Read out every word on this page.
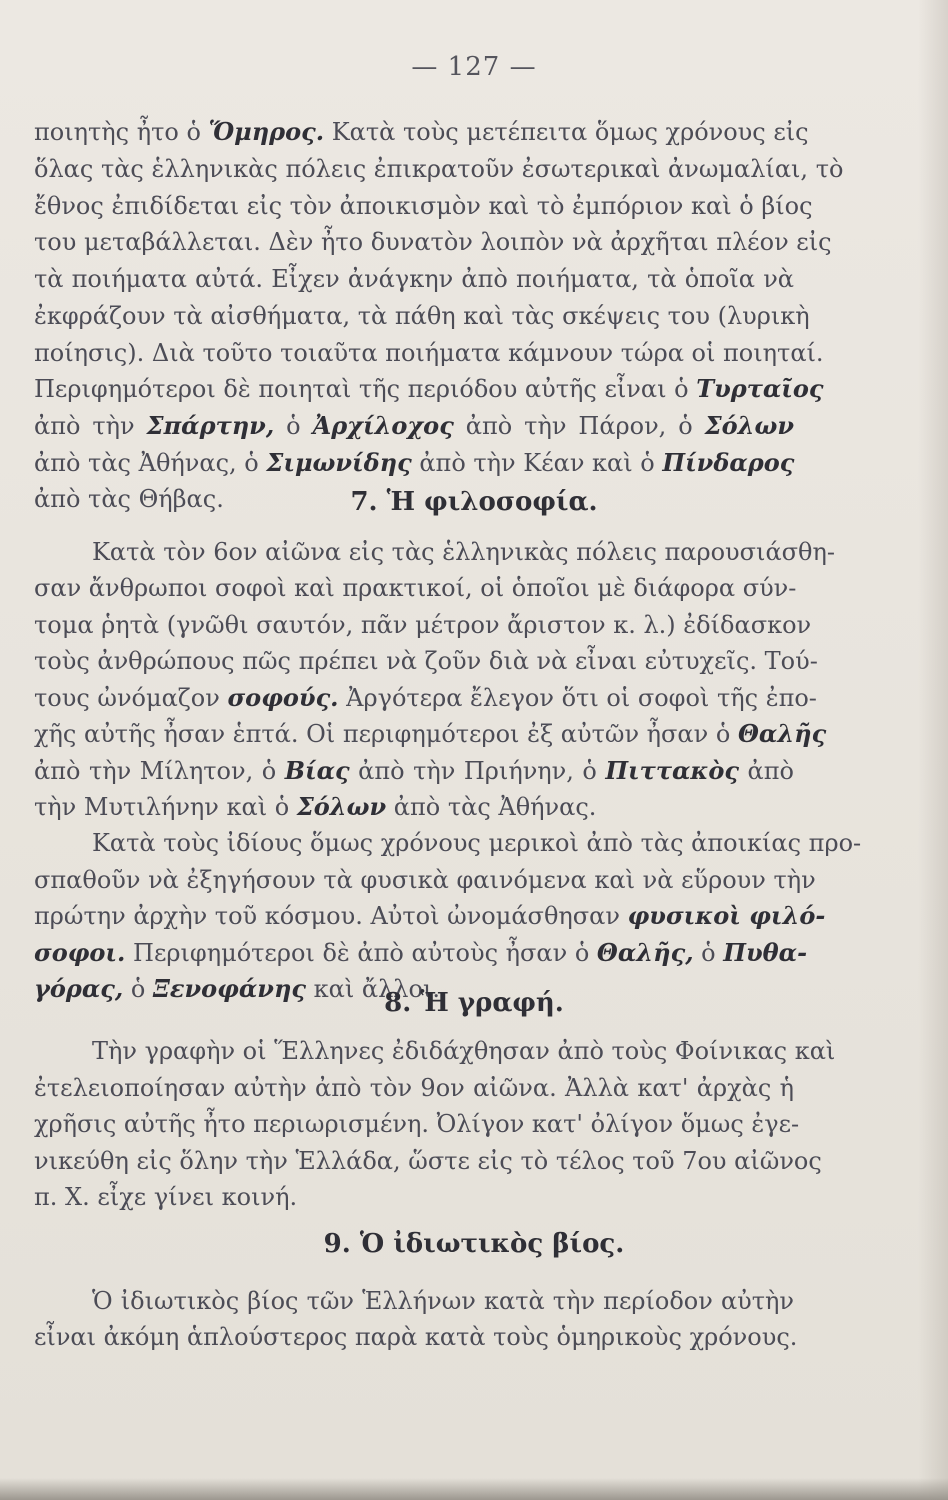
— 127 —
ποιητὴς ἦτο ὁ Ὅμηρος. Κατὰ τοὺς μετέπειτα ὅμως χρόνους εἰς
ὅλας τὰς ἑλληνικὰς πόλεις ἐπικρατοῦν ἐσωτερικαὶ ἀνωμαλίαι, τὸ
ἔθνος ἐπιδίδεται εἰς τὸν ἀποικισμὸν καὶ τὸ ἐμπόριον καὶ ὁ βίος
του μεταβάλλεται. Δὲν ἦτο δυνατὸν λοιπὸν νὰ ἀρχῆται πλέον εἰς
τὰ ποιήματα αὐτά. Εἶχεν ἀνάγκην ἀπὸ ποιήματα, τὰ ὁποῖα νὰ
ἐκφράζουν τὰ αἰσθήματα, τὰ πάθη καὶ τὰς σκέψεις του (λυρικὴ
ποίησις). Διὰ τοῦτο τοιαῦτα ποιήματα κάμνουν τώρα οἱ ποιηταί.
Περιφημότεροι δὲ ποιηταὶ τῆς περιόδου αὐτῆς εἶναι ὁ Τυρταῖος
ἀπὸ τὴν Σπάρτην, ὁ Ἀρχίλοχος ἀπὸ τὴν Πάρον, ὁ Σόλων
ἀπὸ τὰς Ἀθήνας, ὁ Σιμωνίδης ἀπὸ τὴν Κέαν καὶ ὁ Πίνδαρος
ἀπὸ τὰς Θήβας.	7. Ἡ φιλοσοφία.
Κατὰ τὸν 6ον αἰῶνα εἰς τὰς ἑλληνικὰς πόλεις παρουσιάσθη-
σαν ἄνθρωποι σοφοὶ καὶ πρακτικοί, οἱ ὁποῖοι μὲ διάφορα σύν-
τομα ῥητὰ (γνῶθι σαυτόν, πᾶν μέτρον ἄριστον κ. λ.) ἐδίδασκον
τοὺς ἀνθρώπους πῶς πρέπει νὰ ζοῦν διὰ νὰ εἶναι εὐτυχεῖς. Τού-
τους ὠνόμαζον σοφούς. Ἀργότερα ἔλεγον ὅτι οἱ σοφοὶ τῆς ἐπο-
χῆς αὐτῆς ἦσαν ἑπτά. Οἱ περιφημότεροι ἐξ αὐτῶν ἦσαν ὁ Θαλῆς
ἀπὸ τὴν Μίλητον, ὁ Βίας ἀπὸ τὴν Πριήνην, ὁ Πιττακὸς ἀπὸ
τὴν Μυτιλήνην καὶ ὁ Σόλων ἀπὸ τὰς Ἀθήνας.
Κατὰ τοὺς ἰδίους ὅμως χρόνους μερικοὶ ἀπὸ τὰς ἀποικίας προ-
σπαθοῦν νὰ ἐξηγήσουν τὰ φυσικὰ φαινόμενα καὶ νὰ εὕρουν τὴν
πρώτην ἀρχὴν τοῦ κόσμου. Αὐτοὶ ὠνομάσθησαν φυσικοὶ φιλό-
σοφοι. Περιφημότεροι δὲ ἀπὸ αὐτοὺς ἦσαν ὁ Θαλῆς, ὁ Πυθα-
γόρας, ὁ Ξενοφάνης καὶ ἄλλοι.
8. Ἡ γραφή.
Τὴν γραφὴν οἱ Ἕλληνες ἐδιδάχθησαν ἀπὸ τοὺς Φοίνικας καὶ
ἐτελειοποίησαν αὐτὴν ἀπὸ τὸν 9ον αἰῶνα. Ἀλλὰ κατ' ἀρχὰς ἡ
χρῆσις αὐτῆς ἦτο περιωρισμένη. Ὀλίγον κατ' ὀλίγον ὅμως ἐγε-
νικεύθη εἰς ὅλην τὴν Ἑλλάδα, ὥστε εἰς τὸ τέλος τοῦ 7ου αἰῶνος
π. Χ. εἶχε γίνει κοινή.
9. Ὁ ἰδιωτικὸς βίος.
Ὁ ἰδιωτικὸς βίος τῶν Ἑλλήνων κατὰ τὴν περίοδον αὐτὴν
εἶναι ἀκόμη ἁπλούστερος παρὰ κατὰ τοὺς ὁμηρικοὺς χρόνους.
